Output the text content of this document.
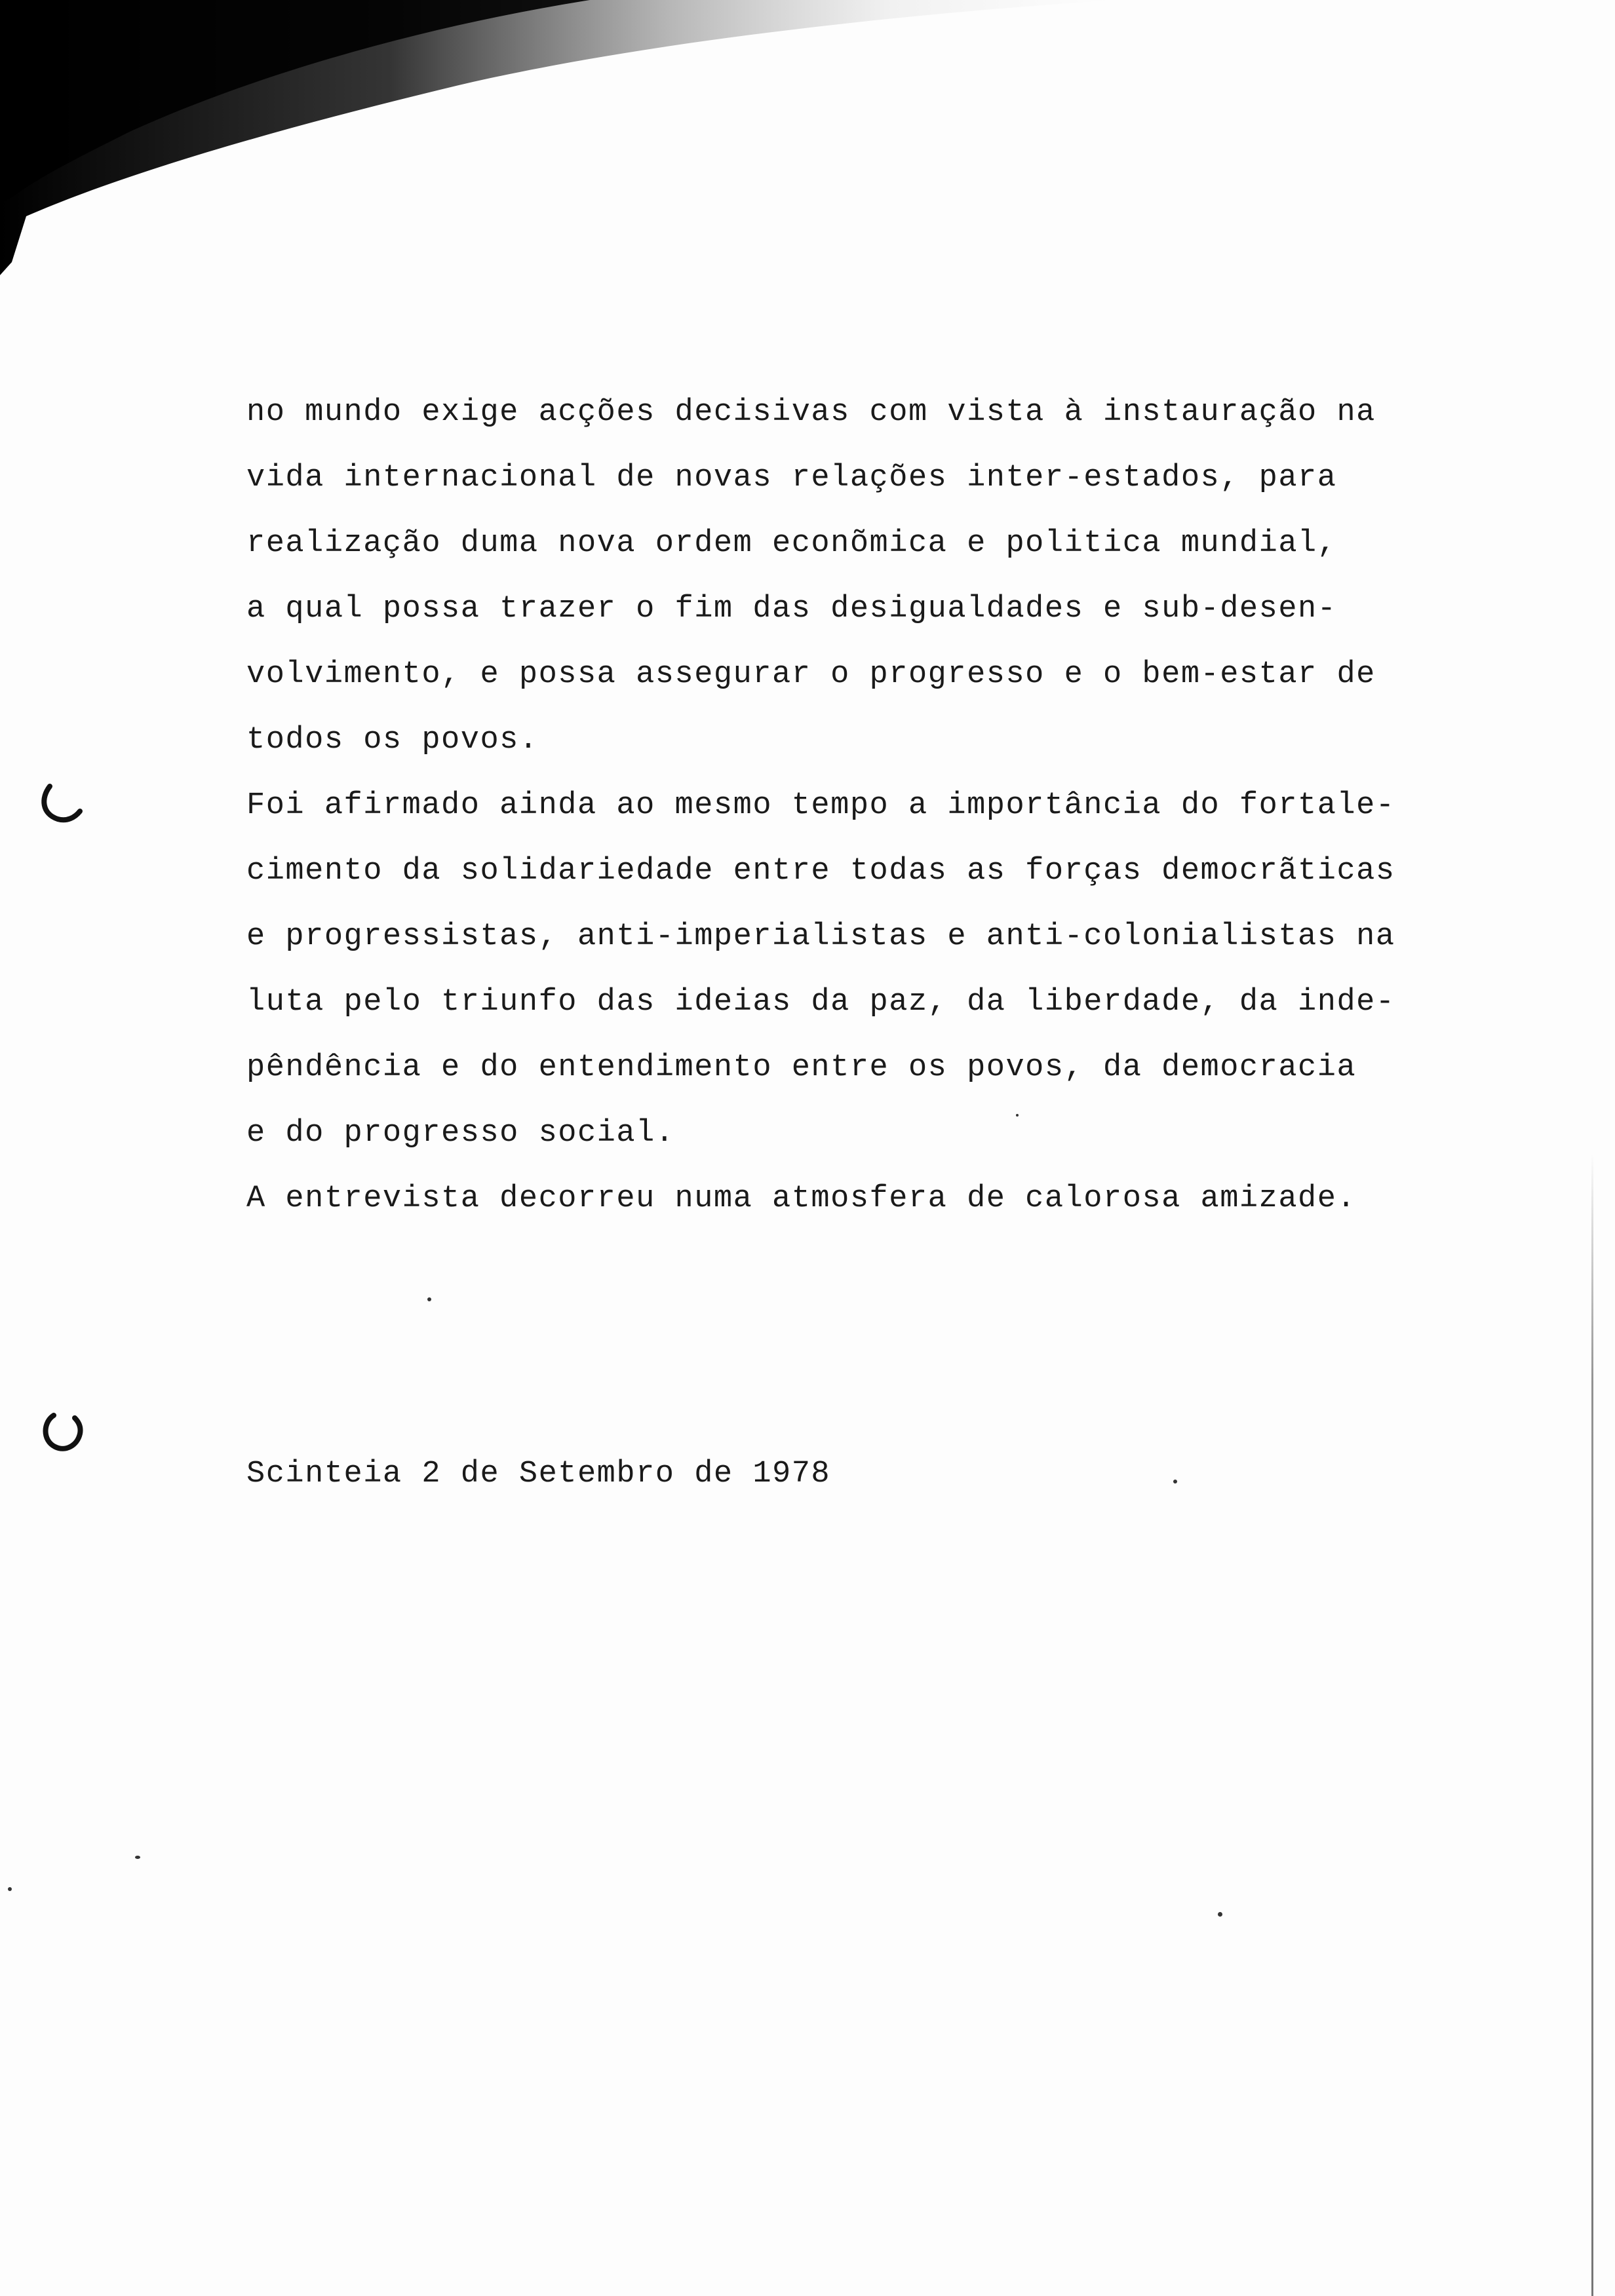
no mundo exige acções decisivas com vista à instauração na
vida internacional de novas relações inter-estados, para
realização duma nova ordem econõmica e politica mundial,
a qual possa trazer o fim das desigualdades e sub-desen-
volvimento, e possa assegurar o progresso e o bem-estar de
todos os povos.
Foi afirmado ainda ao mesmo tempo a importância do fortale-
cimento da solidariedade entre todas as forças democrãticas
e progressistas, anti-imperialistas e anti-colonialistas na
luta pelo triunfo das ideias da paz, da liberdade, da inde-
pêndência e do entendimento entre os povos, da democracia
e do progresso social.
A entrevista decorreu numa atmosfera de calorosa amizade.
Scinteia 2 de Setembro de 1978
